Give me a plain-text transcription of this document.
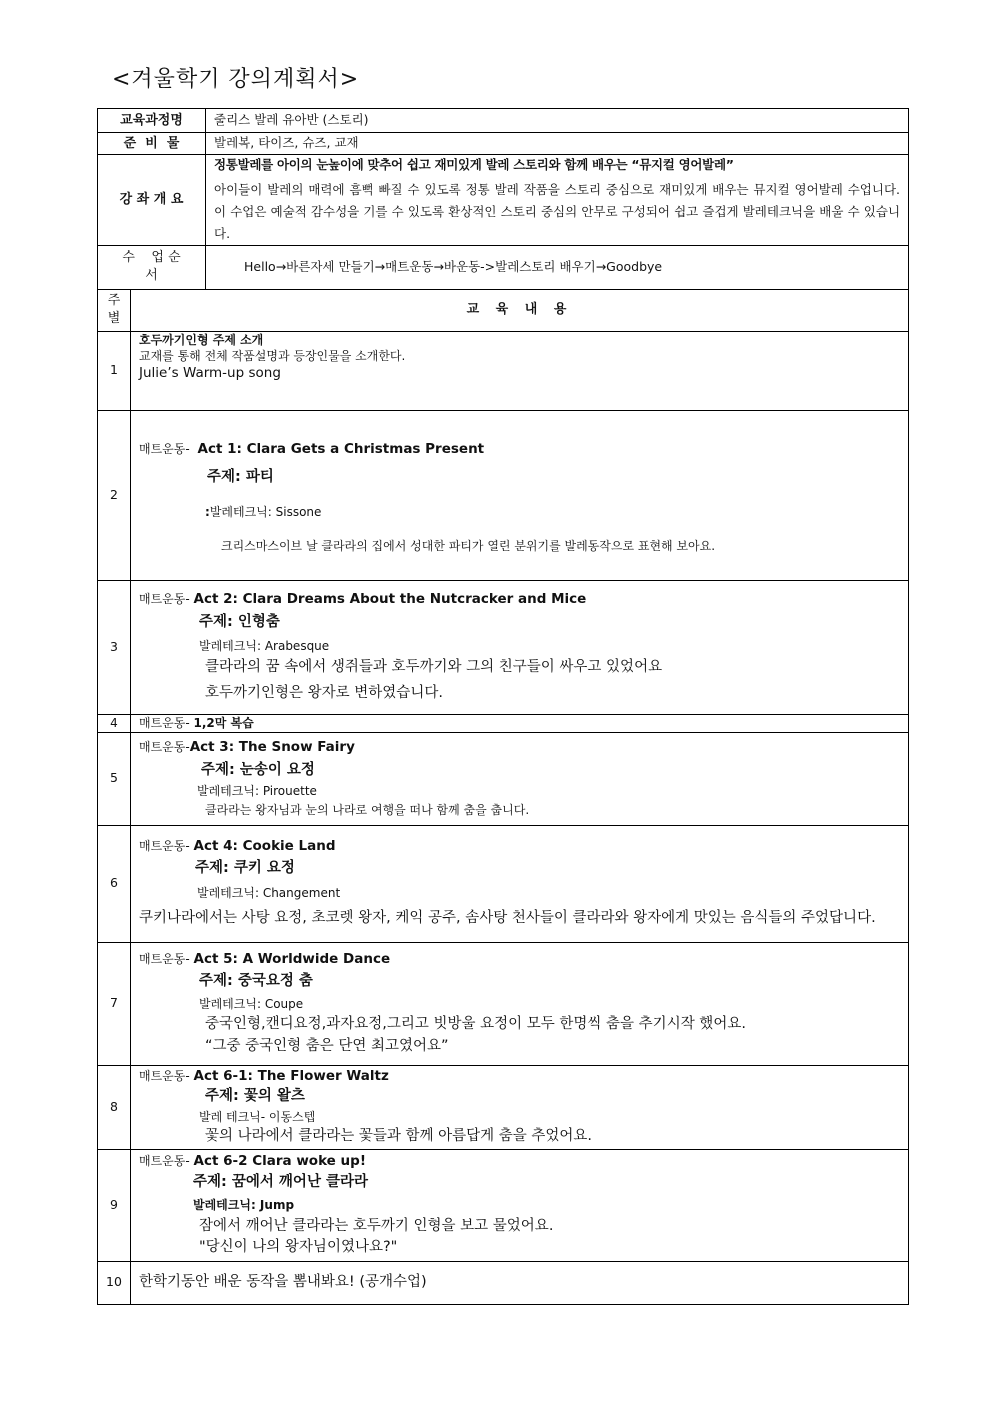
<겨울학기 강의계획서>
교육과정명		줄리스 발레 유아반 (스토리)
준  비  물		발레복, 타이즈, 슈즈, 교재
강 좌 개 요		정통발레를 아이의 눈높이에 맞추어 쉽고 재미있게 발레 스토리와 함께 배우는 “뮤지컬 영어발레”
아이들이 발레의 매력에 흠뻑 빠질 수 있도록 정통 발레 작품을 스토리 중심으로 재미있게 배우는 뮤지컬 영어발레 수업니다. 이 수업은 예술적 감수성을 기를 수 있도록 환상적인 스토리 중심의 안무로 구성되어 쉽고 즐겁게 발레테크닉을 배울 수 있습니다.

수    업 순
서		Hello→바른자세 만들기→매트운동→바운동->발레스토리 배우기→Goodbye

주
별	교 육 내 용	
1	호두까기인형 주제 소개
교재를 통해 전체 작품설명과 등장인물을 소개한다.
Julie’s Warm-up song	

2	매트운동- Act 1: Clara Gets a Christmas Present
주제: 파티
:발레테크닉: Sissone
크리스마스이브 날 클라라의 집에서 성대한 파티가 열린 분위기를 발레동작으로 표현해 보아요.	

3	매트운동- Act 2: Clara Dreams About the Nutcracker and Mice
주제: 인형춤
발레테크닉: Arabesque
클라라의 꿈 속에서 생쥐들과 호두까기와 그의 친구들이 싸우고 있었어요
호두까기인형은 왕자로 변하였습니다.	

4	매트운동- 1,2막 복습	
5	매트운동-Act 3: The Snow Fairy
주제: 눈송이 요정
발레테크닉: Pirouette
클라라는 왕자님과 눈의 나라로 여행을 떠나 함께 춤을 춥니다.	

6	매트운동- Act 4: Cookie Land
주제: 쿠키 요정
발레테크닉: Changement
쿠키나라에서는 사탕 요정, 초코렛 왕자, 케익 공주, 솜사탕 천사들이 클라라와 왕자에게 맛있는 음식들의 주었답니다.	

7	매트운동- Act 5: A Worldwide Dance
주제: 중국요정 춤
발레테크닉: Coupe
중국인형,캔디요정,과자요정,그리고 빗방울 요정이 모두 한명씩 춤을 추기시작 했어요.
“그중 중국인형 춤은 단연 최고였어요”	

8	매트운동- Act 6-1: The Flower Waltz
주제: 꽃의 왈츠
발레 테크닉- 이동스텝
꽃의 나라에서 클라라는 꽃들과 함께 아름답게 춤을 추었어요.	

9	매트운동- Act 6-2 Clara woke up!
주제: 꿈에서 깨어난 클라라
발레테크닉: Jump
잠에서 깨어난 클라라는 호두까기 인형을 보고 물었어요.
"당신이 나의 왕자님이였나요?"	

10	한학기동안 배운 동작을 뽐내봐요! (공개수업)	
